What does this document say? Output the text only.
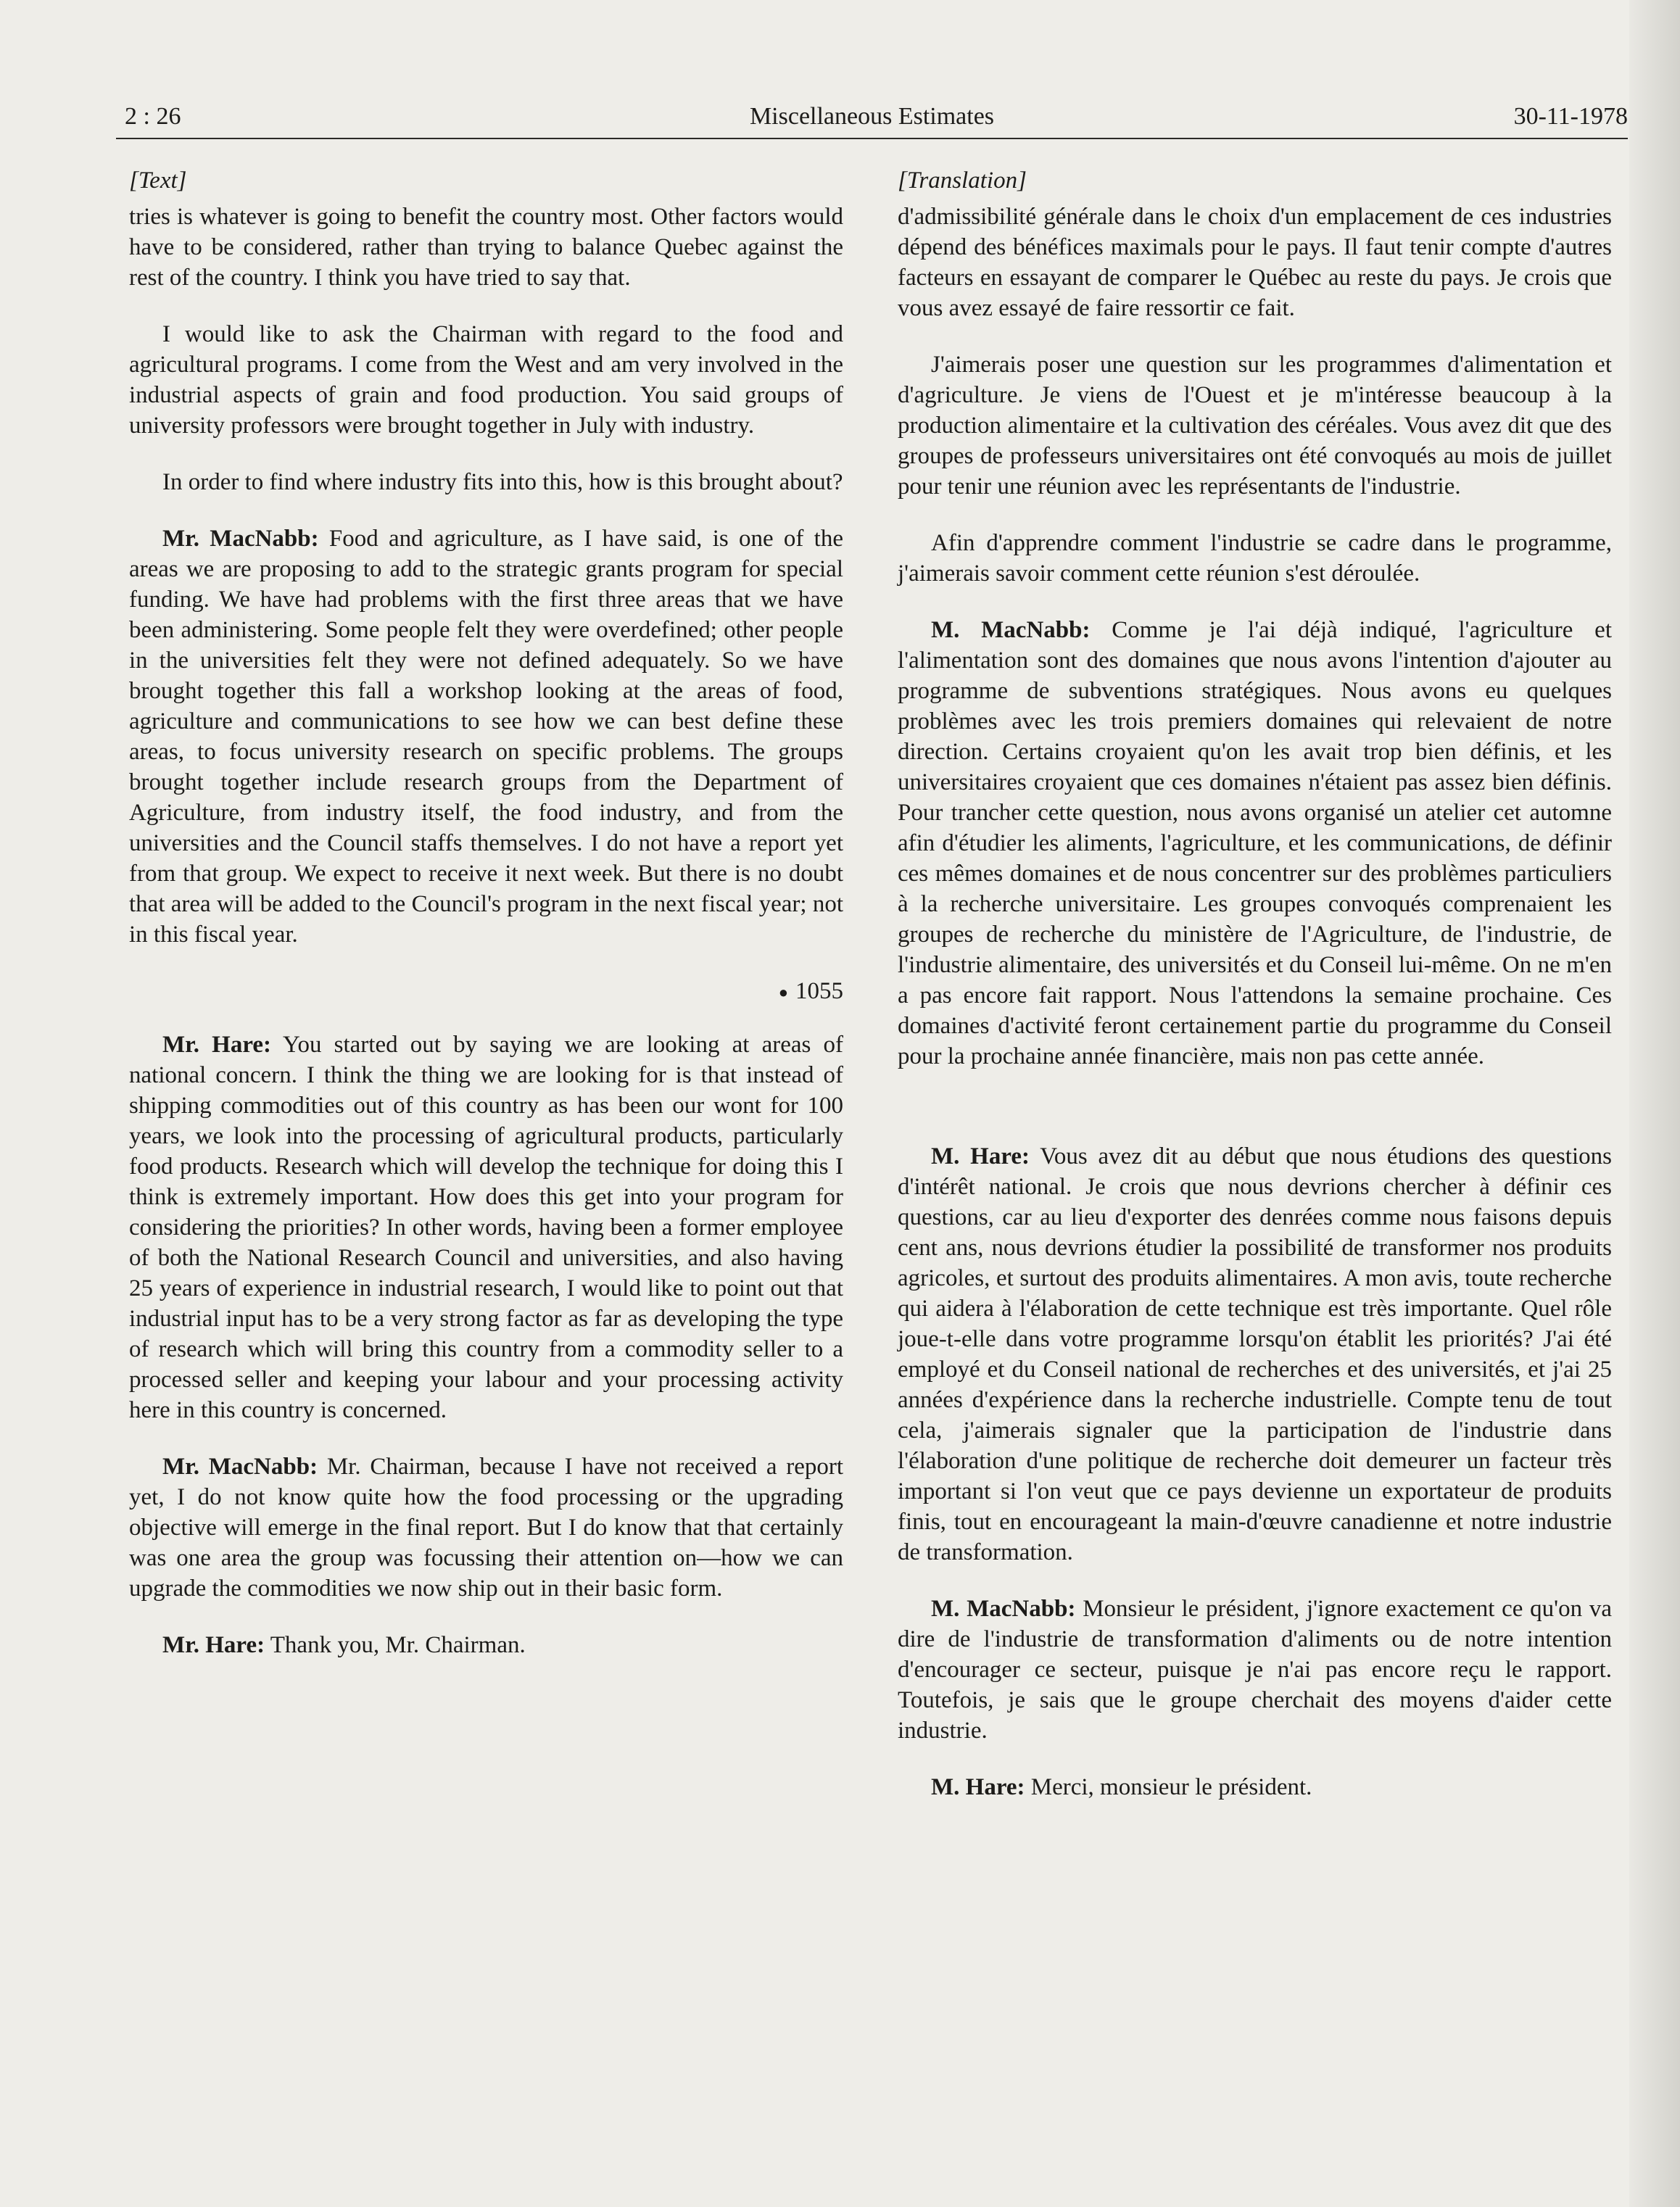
2 : 26	Miscellaneous Estimates	30-11-1978
[Text]

tries is whatever is going to benefit the country most. Other factors would have to be considered, rather than trying to balance Quebec against the rest of the country. I think you have tried to say that.

I would like to ask the Chairman with regard to the food and agricultural programs. I come from the West and am very involved in the industrial aspects of grain and food production. You said groups of university professors were brought together in July with industry.

In order to find where industry fits into this, how is this brought about?

Mr. MacNabb: Food and agriculture, as I have said, is one of the areas we are proposing to add to the strategic grants program for special funding. We have had problems with the first three areas that we have been administering. Some people felt they were overdefined; other people in the universities felt they were not defined adequately. So we have brought together this fall a workshop looking at the areas of food, agriculture and communications to see how we can best define these areas, to focus university research on specific problems. The groups brought together include research groups from the Department of Agriculture, from industry itself, the food industry, and from the universities and the Council staffs themselves. I do not have a report yet from that group. We expect to receive it next week. But there is no doubt that area will be added to the Council's program in the next fiscal year; not in this fiscal year.

● 1055

Mr. Hare: You started out by saying we are looking at areas of national concern. I think the thing we are looking for is that instead of shipping commodities out of this country as has been our wont for 100 years, we look into the processing of agricultural products, particularly food products. Research which will develop the technique for doing this I think is extremely important. How does this get into your program for considering the priorities? In other words, having been a former employee of both the National Research Council and universities, and also having 25 years of experience in industrial research, I would like to point out that industrial input has to be a very strong factor as far as developing the type of research which will bring this country from a commodity seller to a processed seller and keeping your labour and your processing activity here in this country is concerned.

Mr. MacNabb: Mr. Chairman, because I have not received a report yet, I do not know quite how the food processing or the upgrading objective will emerge in the final report. But I do know that that certainly was one area the group was focussing their attention on—how we can upgrade the commodities we now ship out in their basic form.

Mr. Hare: Thank you, Mr. Chairman.

[Translation]

d'admissibilité générale dans le choix d'un emplacement de ces industries dépend des bénéfices maximals pour le pays. Il faut tenir compte d'autres facteurs en essayant de comparer le Québec au reste du pays. Je crois que vous avez essayé de faire ressortir ce fait.

J'aimerais poser une question sur les programmes d'alimentation et d'agriculture. Je viens de l'Ouest et je m'intéresse beaucoup à la production alimentaire et la cultivation des céréales. Vous avez dit que des groupes de professeurs universitaires ont été convoqués au mois de juillet pour tenir une réunion avec les représentants de l'industrie.

Afin d'apprendre comment l'industrie se cadre dans le programme, j'aimerais savoir comment cette réunion s'est déroulée.

M. MacNabb: Comme je l'ai déjà indiqué, l'agriculture et l'alimentation sont des domaines que nous avons l'intention d'ajouter au programme de subventions stratégiques. Nous avons eu quelques problèmes avec les trois premiers domaines qui relevaient de notre direction. Certains croyaient qu'on les avait trop bien définis, et les universitaires croyaient que ces domaines n'étaient pas assez bien définis. Pour trancher cette question, nous avons organisé un atelier cet automne afin d'étudier les aliments, l'agriculture, et les communications, de définir ces mêmes domaines et de nous concentrer sur des problèmes particuliers à la recherche universitaire. Les groupes convoqués comprenaient les groupes de recherche du ministère de l'Agriculture, de l'industrie, de l'industrie alimentaire, des universités et du Conseil lui-même. On ne m'en a pas encore fait rapport. Nous l'attendons la semaine prochaine. Ces domaines d'activité feront certainement partie du programme du Conseil pour la prochaine année financière, mais non pas cette année.

M. Hare: Vous avez dit au début que nous étudions des questions d'intérêt national. Je crois que nous devrions chercher à définir ces questions, car au lieu d'exporter des denrées comme nous faisons depuis cent ans, nous devrions étudier la possibilité de transformer nos produits agricoles, et surtout des produits alimentaires. A mon avis, toute recherche qui aidera à l'élaboration de cette technique est très importante. Quel rôle joue-t-elle dans votre programme lorsqu'on établit les priorités? J'ai été employé et du Conseil national de recherches et des universités, et j'ai 25 années d'expérience dans la recherche industrielle. Compte tenu de tout cela, j'aimerais signaler que la participation de l'industrie dans l'élaboration d'une politique de recherche doit demeurer un facteur très important si l'on veut que ce pays devienne un exportateur de produits finis, tout en encourageant la main-d'œuvre canadienne et notre industrie de transformation.

M. MacNabb: Monsieur le président, j'ignore exactement ce qu'on va dire de l'industrie de transformation d'aliments ou de notre intention d'encourager ce secteur, puisque je n'ai pas encore reçu le rapport. Toutefois, je sais que le groupe cherchait des moyens d'aider cette industrie.

M. Hare: Merci, monsieur le président.
